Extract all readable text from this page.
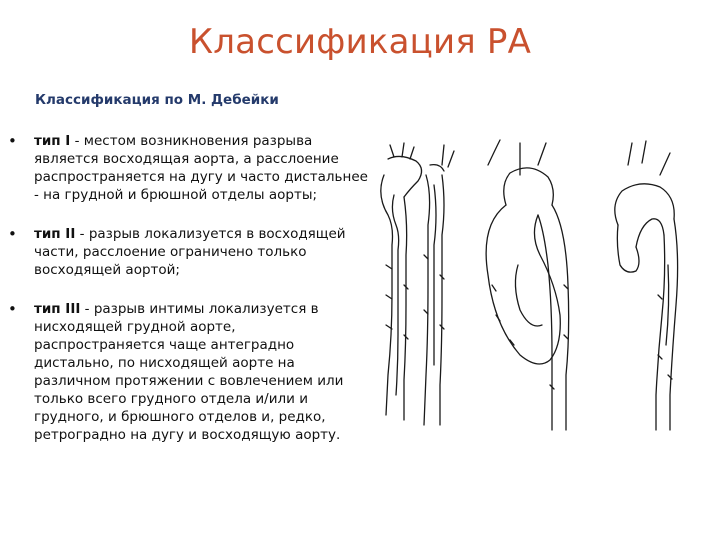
Классификация РА
Классификация по М. Дебейки
• тип I - местом возникновения разрыва является восходящая аорта, а расслоение распространяется на дугу и часто дистальнее - на грудной и брюшной отделы аорты;
• тип II - разрыв локализуется в восходящей части, расслоение ограничено только восходящей аортой;
• тип III - разрыв интимы локализуется в нисходящей грудной аорте, распространяется чаще антеградно дистально, по нисходящей аорте на различном протяжении с вовлечением или только всего грудного отдела и/или и грудного, и брюшного отделов и, редко, ретроградно на дугу и восходящую аорту.
